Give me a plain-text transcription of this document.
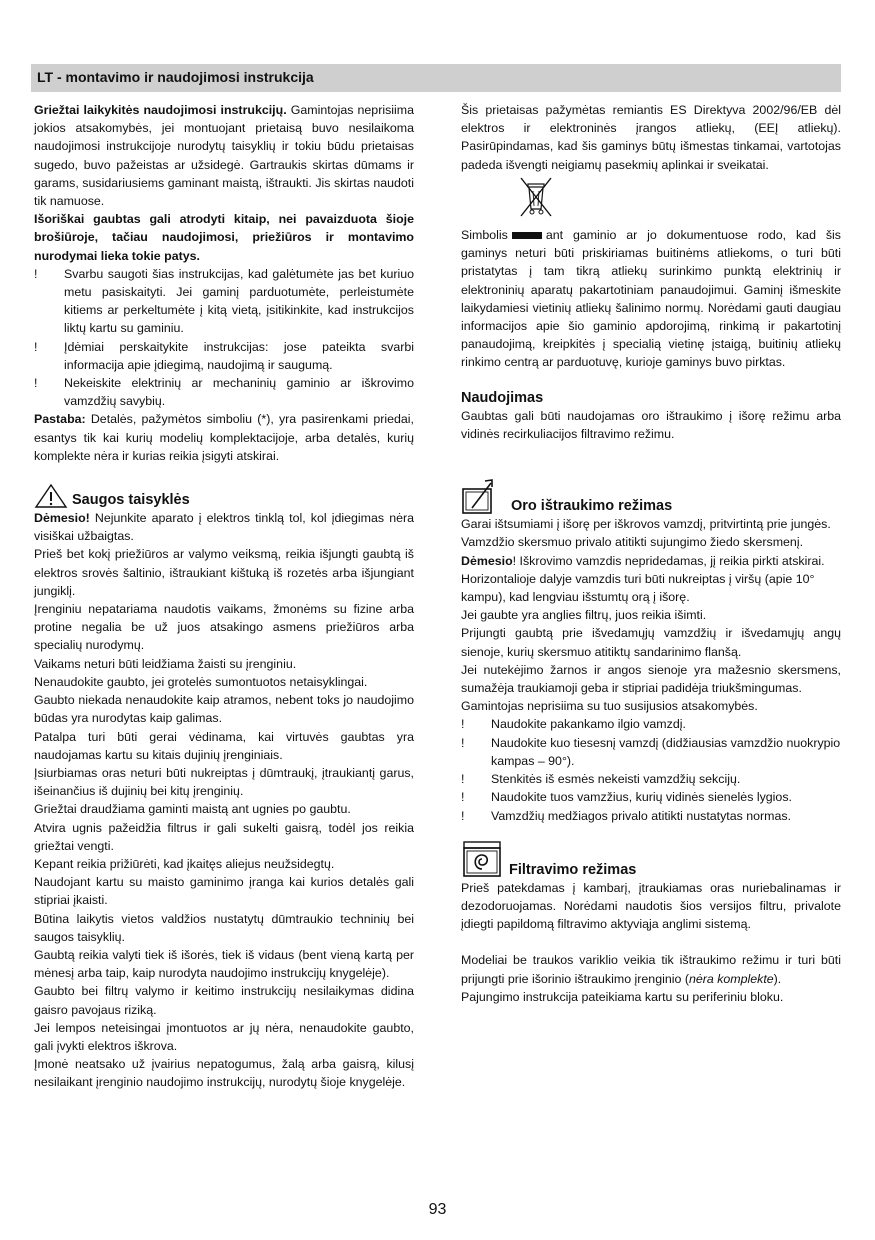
LT - montavimo ir naudojimosi instrukcija

Griežtai laikykitės naudojimosi instrukcijų. Gamintojas neprisiima jokios atsakomybės, jei montuojant prietaisą buvo nesilaikoma naudojimosi instrukcijoje nurodytų taisyklių ir tokiu būdu prietaisas sugedo, buvo pažeistas ar užsidegė. Gartraukis skirtas dūmams ir garams, susidariusiems gaminant maistą, ištraukti. Jis skirtas naudoti tik namuose.

Išoriškai gaubtas gali atrodyti kitaip, nei pavaizduota šioje brošiūroje, tačiau naudojimosi, priežiūros ir montavimo nurodymai lieka tokie patys.

! Svarbu saugoti šias instrukcijas, kad galėtumėte jas bet kuriuo metu pasiskaityti. Jei gaminį parduotumėte, perleistumėte kitiems ar perkeltumėte į kitą vietą, įsitikinkite, kad instrukcijos liktų kartu su gaminiu.

! Įdėmiai perskaitykite instrukcijas: jose pateikta svarbi informacija apie įdiegimą, naudojimą ir saugumą.

! Nekeiskite elektrinių ar mechaninių gaminio ar iškrovimo vamzdžių savybių.

Pastaba: Detalės, pažymėtos simboliu (*), yra pasirenkami priedai, esantys tik kai kurių modelių komplektacijoje, arba detalės, kurių komplekte nėra ir kurias reikia įsigyti atskirai.

Saugos taisyklės

Dėmesio! Nejunkite aparato į elektros tinklą tol, kol įdiegimas nėra visiškai užbaigtas.

Prieš bet kokį priežiūros ar valymo veiksmą, reikia išjungti gaubtą iš elektros srovės šaltinio, ištraukiant kištuką iš rozetės arba išjungiant jungiklį.

Įrenginiu nepatariama naudotis vaikams, žmonėms su fizine arba protine negalia be už juos atsakingo asmens priežiūros arba specialių nurodymų.

Vaikams neturi būti leidžiama žaisti su įrenginiu.

Nenaudokite gaubto, jei grotelės sumontuotos netaisyklingai.

Gaubto niekada nenaudokite kaip atramos, nebent toks jo naudojimo būdas yra nurodytas kaip galimas.

Patalpa turi būti gerai vėdinama, kai virtuvės gaubtas yra naudojamas kartu su kitais dujinių įrenginiais.

Įsiurbiamas oras neturi būti nukreiptas į dūmtraukį, įtraukiantį garus, išeinančius iš dujinių bei kitų įrenginių.

Griežtai draudžiama gaminti maistą ant ugnies po gaubtu.

Atvira ugnis pažeidžia filtrus ir gali sukelti gaisrą, todėl jos reikia griežtai vengti.

Kepant reikia prižiūrėti, kad įkaitęs aliejus neužsidegtų.

Naudojant kartu su maisto gaminimo įranga kai kurios detalės gali stipriai įkaisti.

Būtina laikytis vietos valdžios nustatytų dūmtraukio techninių bei saugos taisyklių.

Gaubtą reikia valyti tiek iš išorės, tiek iš vidaus (bent vieną kartą per mėnesį arba taip, kaip nurodyta naudojimo instrukcijų knygelėje).

Gaubto bei filtrų valymo ir keitimo instrukcijų nesilaikymas didina gaisro pavojaus riziką.

Jei lempos neteisingai įmontuotos ar jų nėra, nenaudokite gaubto, gali įvykti elektros iškrova.

Įmonė neatsako už įvairius nepatogumus, žalą arba gaisrą, kilusį nesilaikant įrenginio naudojimo instrukcijų, nurodytų šioje knygelėje.

Šis prietaisas pažymėtas remiantis ES Direktyva 2002/96/EB dėl elektros ir elektroninės įrangos atliekų, (EEĮ atliekų). Pasirūpindamas, kad šis gaminys būtų išmestas tinkamai, vartotojas padeda išvengti neigiamų pasekmių aplinkai ir sveikatai.

Simbolis	ant gaminio ar jo dokumentuose rodo, kad šis gaminys neturi būti priskiriamas buitinėms atliekoms, o turi būti pristatytas į tam tikrą atliekų surinkimo punktą elektrinių ir elektroninių aparatų pakartotiniam panaudojimui. Gaminį išmeskite laikydamiesi vietinių atliekų šalinimo normų. Norėdami gauti daugiau informacijos apie šio gaminio apdorojimą, rinkimą ir pakartotinį panaudojimą, kreipkitės į specialią vietinę įstaigą, buitinių atliekų rinkimo centrą ar parduotuvę, kurioje gaminys buvo pirktas.

Naudojimas

Gaubtas gali būti naudojamas oro ištraukimo į išorę režimu arba vidinės recirkuliacijos filtravimo režimu.

Oro ištraukimo režimas

Garai ištsumiami į išorę per iškrovos vamzdį, pritvirtintą prie jungės.

Vamzdžio skersmuo privalo atitikti sujungimo žiedo skersmenį.

Dėmesio! Iškrovimo vamzdis nepridedamas, jį reikia pirkti atskirai.

Horizontalioje dalyje vamzdis turi būti nukreiptas į viršų (apie 10° kampu), kad lengviau išstumtų orą į išorę.

Jei gaubte yra anglies filtrų, juos reikia išimti.

Prijungti gaubtą prie išvedamųjų vamzdžių ir išvedamųjų angų sienoje, kurių skersmuo atitiktų sandarinimo flanšą.

Jei nutekėjimo žarnos ir angos sienoje yra mažesnio skersmens, sumažėja traukiamoji geba ir stipriai padidėja triukšmingumas.

Gamintojas neprisiima su tuo susijusios atsakomybės.

! Naudokite pakankamo ilgio vamzdį.

! Naudokite kuo tiesesnį vamzdį (didžiausias vamzdžio nuokrypio kampas – 90°).

! Stenkitės iš esmės nekeisti vamzdžių sekcijų.

! Naudokite tuos vamzžius, kurių vidinės sienelės lygios.

! Vamzdžių medžiagos privalo atitikti nustatytas normas.

Filtravimo režimas

Prieš patekdamas į kambarį, įtraukiamas oras nuriebalinamas ir dezodoruojamas. Norėdami naudotis šios versijos filtru, privalote įdiegti papildomą filtravimo aktyviąja anglimi sistemą.

Modeliai be traukos variklio veikia tik ištraukimo režimu ir turi būti prijungti prie išorinio ištraukimo įrenginio (nėra komplekte).

Pajungimo instrukcija pateikiama kartu su periferiniu bloku.

93
